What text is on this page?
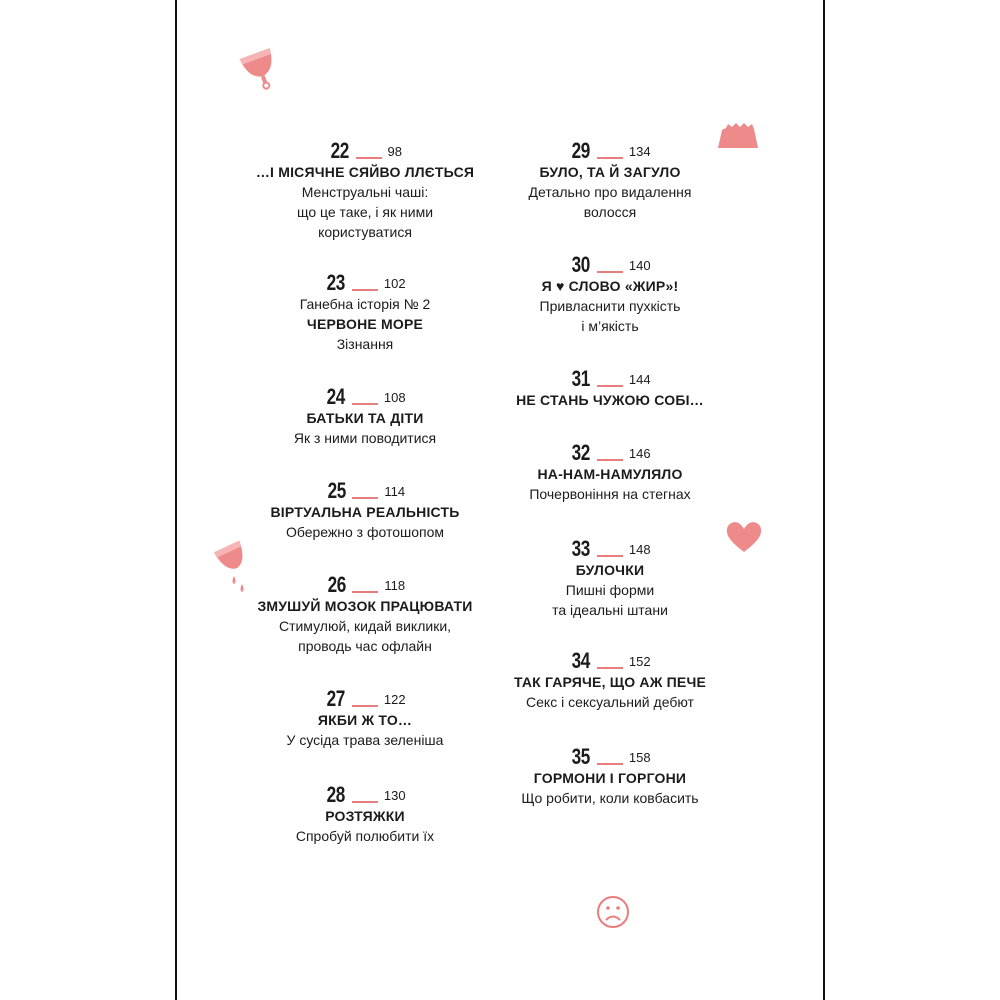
22	98
…І МІСЯЧНЕ СЯЙВО ЛЛЄТЬСЯ
Менструальні чаші:
що це таке, і як ними
користуватися
23	102
Ганебна історія № 2
ЧЕРВОНЕ МОРЕ
Зізнання
24	108
БАТЬКИ ТА ДІТИ
Як з ними поводитися
25	114
ВІРТУАЛЬНА РЕАЛЬНІСТЬ
Обережно з фотошопом
26	118
ЗМУШУЙ МОЗОК ПРАЦЮВАТИ
Стимулюй, кидай виклики,
проводь час офлайн
27	122
ЯКБИ Ж ТО…
У сусіда трава зеленіша
28	130
РОЗТЯЖКИ
Спробуй полюбити їх
29	134
БУЛО, ТА Й ЗАГУЛО
Детально про видалення
волосся
30	140
Я ♥ СЛОВО «ЖИР»!
Привласнити пухкість
і м’якість
31	144
НЕ СТАНЬ ЧУЖОЮ СОБІ…
32	146
НА-НАМ-НАМУЛЯЛО
Почервоніння на стегнах
33	148
БУЛОЧКИ
Пишні форми
та ідеальні штани
34	152
ТАК ГАРЯЧЕ, ЩО АЖ ПЕЧЕ
Секс і сексуальний дебют
35	158
ГОРМОНИ І ГОРГОНИ
Що робити, коли ковбасить
